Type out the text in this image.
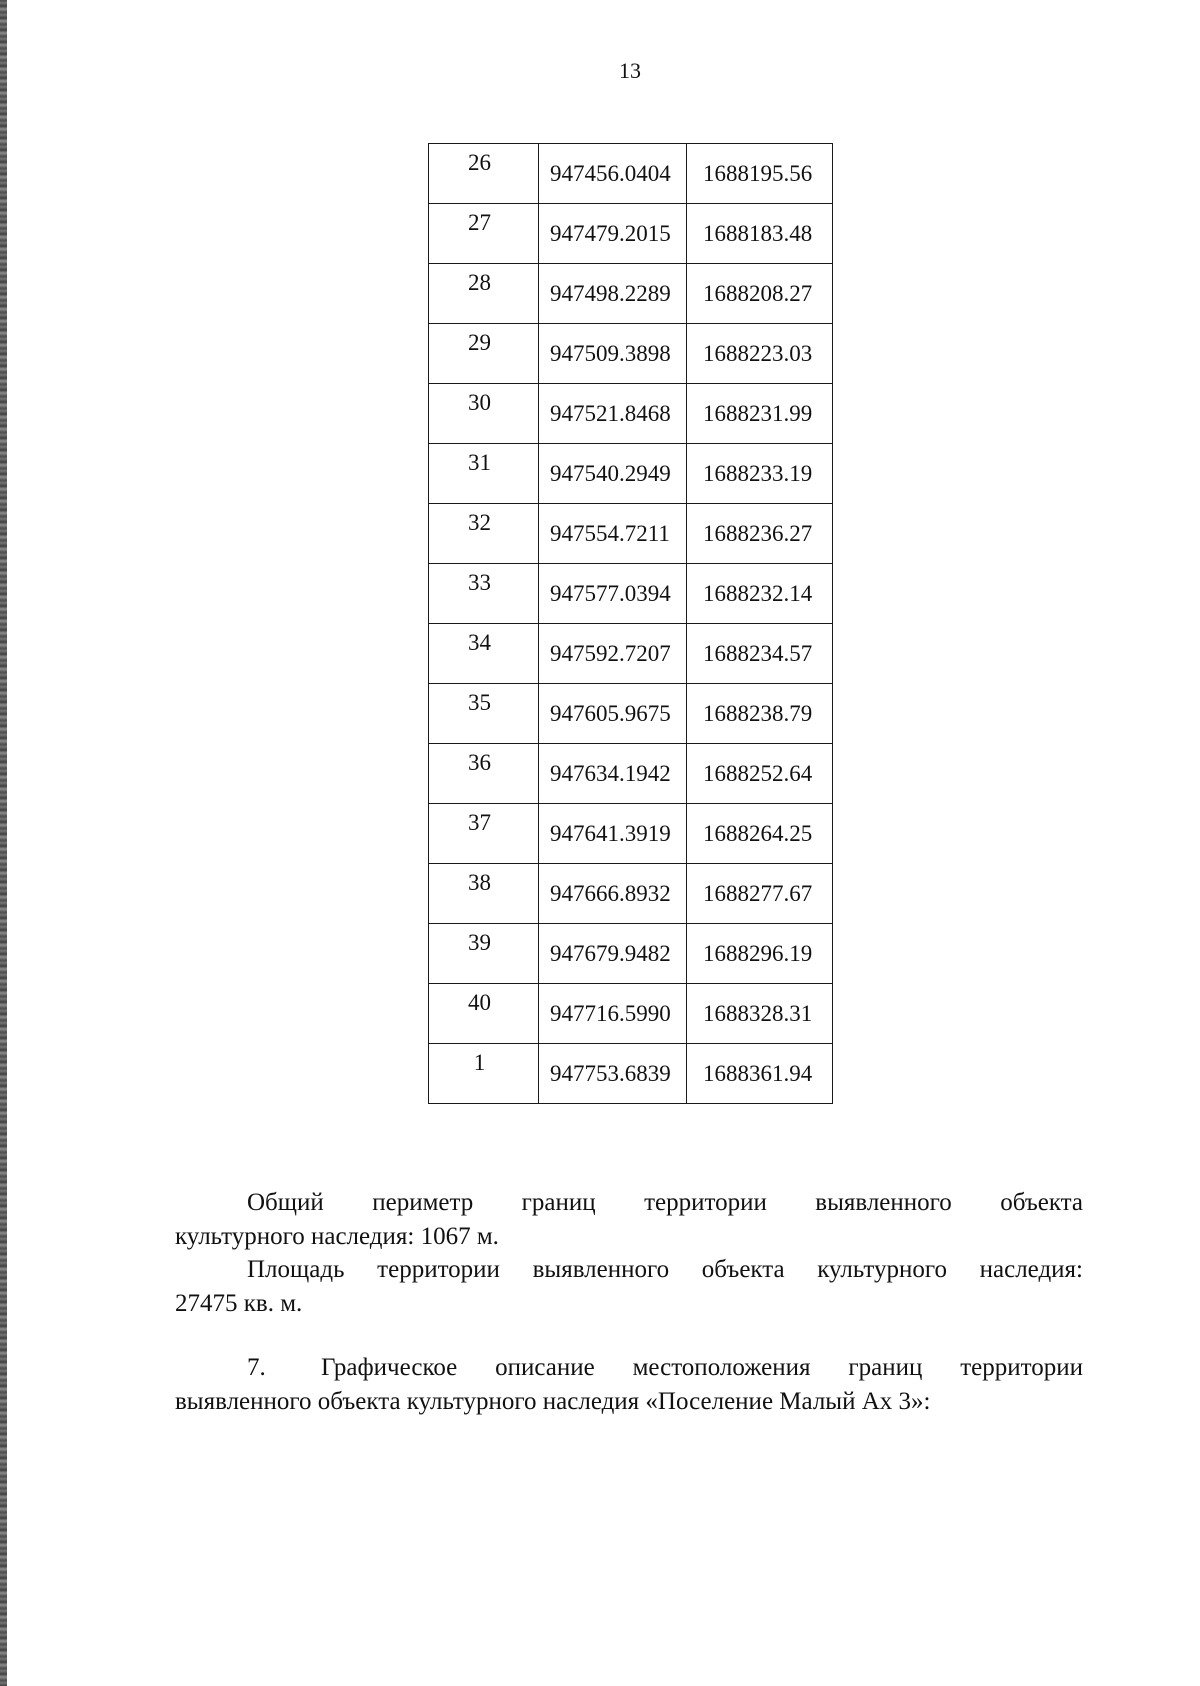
13
26	947456.0404	1688195.56
27	947479.2015	1688183.48
28	947498.2289	1688208.27
29	947509.3898	1688223.03
30	947521.8468	1688231.99
31	947540.2949	1688233.19
32	947554.7211	1688236.27
33	947577.0394	1688232.14
34	947592.7207	1688234.57
35	947605.9675	1688238.79
36	947634.1942	1688252.64
37	947641.3919	1688264.25
38	947666.8932	1688277.67
39	947679.9482	1688296.19
40	947716.5990	1688328.31
1	947753.6839	1688361.94
Общий периметр границ территории выявленного объекта
культурного наследия: 1067 м.
Площадь территории выявленного объекта культурного наследия:
27475 кв. м.
7. Графическое описание местоположения границ территории
выявленного объекта культурного наследия «Поселение Малый Ах 3»:
